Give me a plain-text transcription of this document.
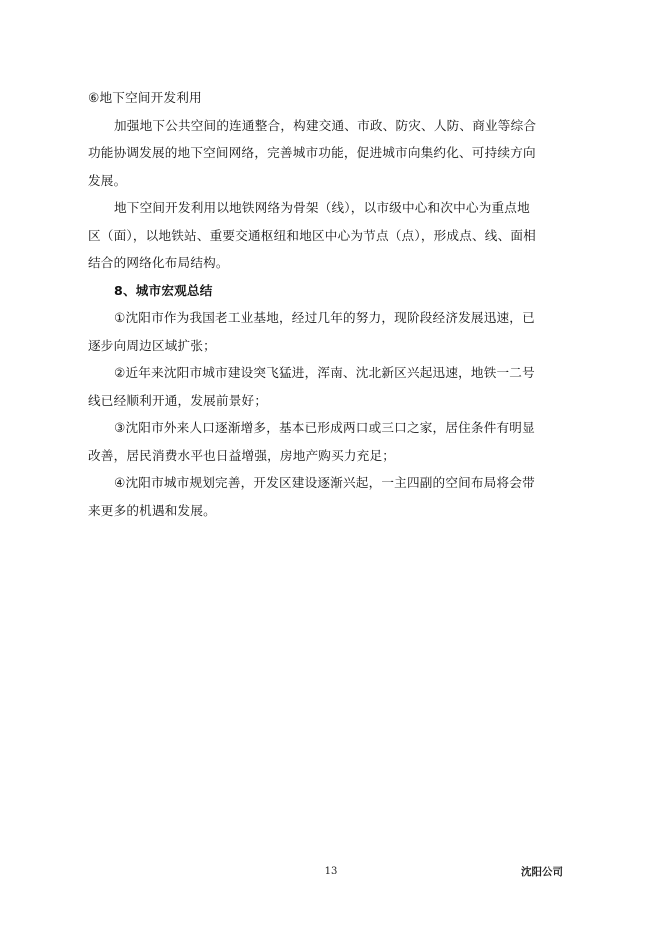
⑥地下空间开发利用
加强地下公共空间的连通整合，构建交通、市政、防灾、人防、商业等综合
功能协调发展的地下空间网络，完善城市功能，促进城市向集约化、可持续方向
发展。
地下空间开发利用以地铁网络为骨架（线），以市级中心和次中心为重点地
区（面），以地铁站、重要交通枢纽和地区中心为节点（点），形成点、线、面相
结合的网络化布局结构。
8、城市宏观总结
①沈阳市作为我国老工业基地，经过几年的努力，现阶段经济发展迅速，已
逐步向周边区域扩张；
②近年来沈阳市城市建设突飞猛进，浑南、沈北新区兴起迅速，地铁一二号
线已经顺利开通，发展前景好；
③沈阳市外来人口逐渐增多，基本已形成两口或三口之家，居住条件有明显
改善，居民消费水平也日益增强，房地产购买力充足；
④沈阳市城市规划完善，开发区建设逐渐兴起，一主四副的空间布局将会带
来更多的机遇和发展。
13	沈阳公司
